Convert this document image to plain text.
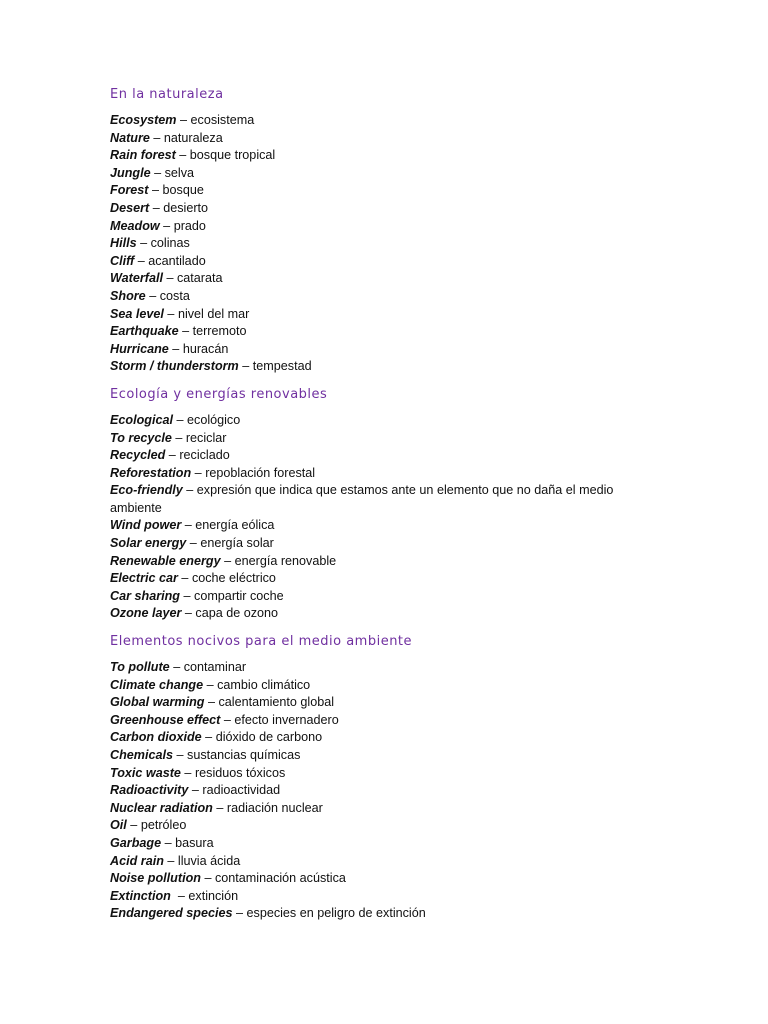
En la naturaleza
Ecosystem – ecosistema
Nature – naturaleza
Rain forest – bosque tropical
Jungle – selva
Forest – bosque
Desert – desierto
Meadow – prado
Hills – colinas
Cliff – acantilado
Waterfall – catarata
Shore – costa
Sea level – nivel del mar
Earthquake – terremoto
Hurricane – huracán
Storm / thunderstorm – tempestad
Ecología y energías renovables
Ecological – ecológico
To recycle – reciclar
Recycled – reciclado
Reforestation – repoblación forestal
Eco-friendly – expresión que indica que estamos ante un elemento que no daña el medio ambiente
Wind power – energía eólica
Solar energy – energía solar
Renewable energy – energía renovable
Electric car – coche eléctrico
Car sharing – compartir coche
Ozone layer – capa de ozono
Elementos nocivos para el medio ambiente
To pollute – contaminar
Climate change – cambio climático
Global warming – calentamiento global
Greenhouse effect – efecto invernadero
Carbon dioxide – dióxido de carbono
Chemicals – sustancias químicas
Toxic waste – residuos tóxicos
Radioactivity – radioactividad
Nuclear radiation – radiación nuclear
Oil – petróleo
Garbage – basura
Acid rain – lluvia ácida
Noise pollution – contaminación acústica
Extinction  – extinción
Endangered species – especies en peligro de extinción
